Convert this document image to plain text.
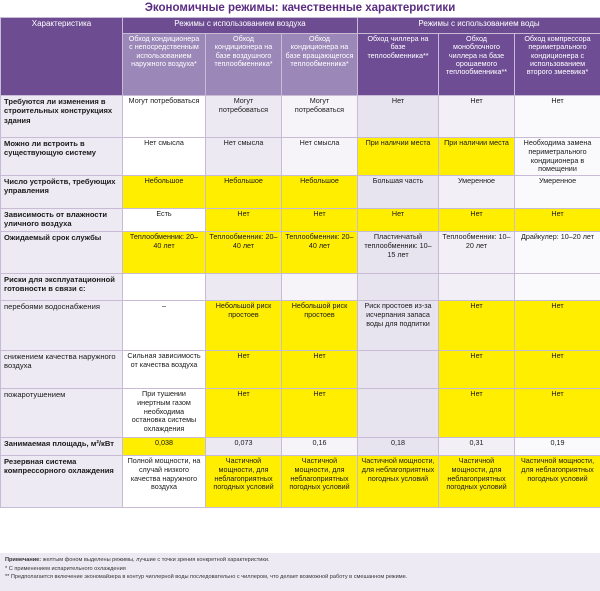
Экономичные режимы: качественные характеристики
Характеристика	Режимы с использованием воздуха			Режимы с использованием воды		
	Обход кондиционера с непосредственным использованием наружного воздуха*	Обход кондиционера на базе воздушного теплообменника*	Обход кондиционера на базе вращающегося теплообменника*	Обход чиллера на базе теплообменника**	Обход моноблочного чиллера на базе орошаемого теплообменника**	Обход компрессора периметрального кондиционера с использованием второго змеевика*
Требуются ли изменения в строительных конструкциях здания	Могут потребоваться	Могут потребоваться	Могут потребоваться	Нет	Нет	Нет
Можно ли встроить в существующую систему	Нет смысла	Нет смысла	Нет смысла	При наличии места	При наличии места	Необходима замена периметрального кондиционера в помещении
Число устройств, требующих управления	Небольшое	Небольшое	Небольшое	Большая часть	Умеренное	Умеренное
Зависимость от влажности уличного воздуха	Есть	Нет	Нет	Нет	Нет	Нет
Ожидаемый срок службы	Теплообменник: 20–40 лет	Теплообменник: 20–40 лет	Теплообменник: 20–40 лет	Пластинчатый теплообменник: 10–15 лет	Теплообменник: 10–20 лет	Драйкулер: 10–20 лет
Риски для эксплуатационной готовности в связи с:						
перебоями водоснабжения	–	Небольшой риск простоев	Небольшой риск простоев	Риск простоев из-за исчерпания запаса воды для подпитки	Нет	Нет
снижением качества наружного воздуха	Сильная зависимость от качества воздуха	Нет	Нет		Нет	Нет
пожаротушением	При тушении инертным газом необходима остановка системы охлаждения	Нет	Нет		Нет	Нет
Занимаемая площадь, м²/кВт	0,038	0,073	0,16	0,18	0,31	0,19
Резервная система компрессорного охлаждения	Полной мощности, на случай низкого качества наружного воздуха	Частичной мощности, для неблагоприятных погодных условий	Частичной мощности, для неблагоприятных погодных условий	Частичной мощности, для неблагоприятных погодных условий	Частичной мощности, для неблагоприятных погодных условий	Частичной мощности, для неблагоприятных погодных условий
Примечание: желтым фоном выделены режимы, лучшие с точки зрения конкретной характеристики.
* С применением испарительного охлаждения
** Предполагается включение экономайзера в контур чиллерной воды последовательно с чиллером, что делает возможной работу в смешанном режиме.
